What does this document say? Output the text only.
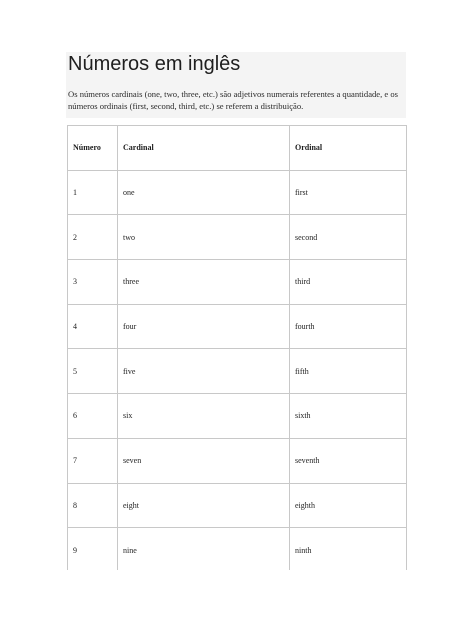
Números em inglês

Os números cardinais (one, two, three, etc.) são adjetivos numerais referentes a quantidade, e os números ordinais (first, second, third, etc.) se referem a distribuição.

Número	Cardinal	Ordinal
1	one	first
2	two	second
3	three	third
4	four	fourth
5	five	fifth
6	six	sixth
7	seven	seventh
8	eight	eighth
9	nine	ninth
